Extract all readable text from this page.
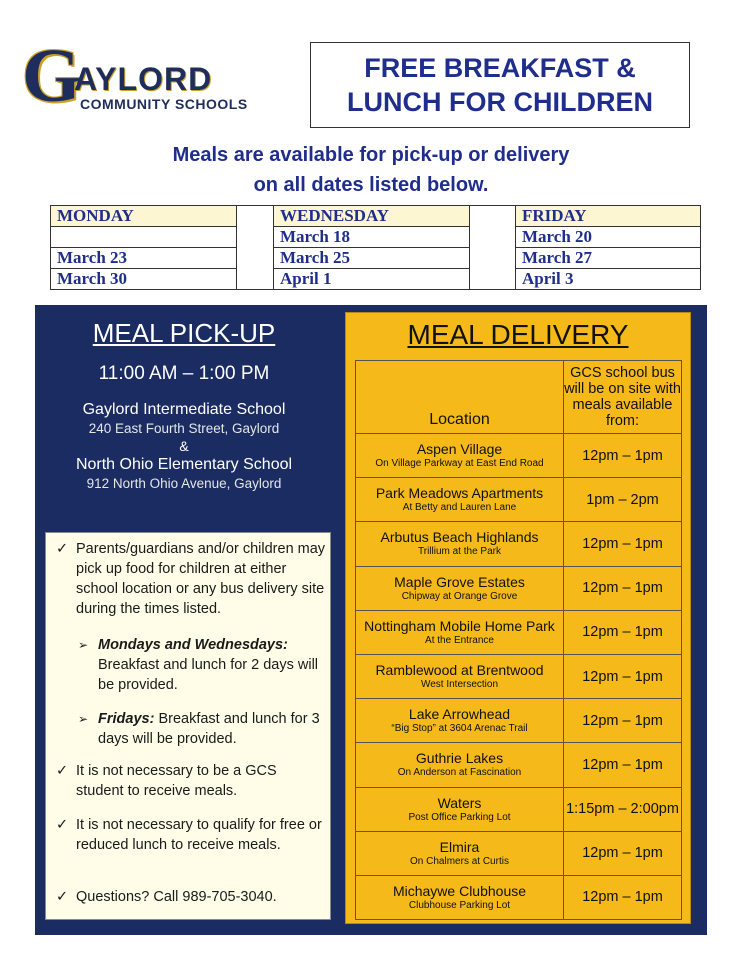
G
AYLORD
COMMUNITY SCHOOLS
FREE BREAKFAST &
LUNCH FOR CHILDREN
Meals are available for pick-up or delivery
on all dates listed below.
MONDAY		WEDNESDAY		FRIDAY
		March 18		March 20
March 23		March 25		March 27
March 30		April 1		April 3
MEAL PICK-UP
11:00 AM – 1:00 PM
Gaylord Intermediate School
240 East Fourth Street, Gaylord
&
North Ohio Elementary School
912 North Ohio Avenue, Gaylord
✓ Parents/guardians and/or children may pick up food for children at either school location or any bus delivery site during the times listed.
➢ Mondays and Wednesdays:
Breakfast and lunch for 2 days will be provided.
➢ Fridays: Breakfast and lunch for 3 days will be provided.
✓ It is not necessary to be a GCS student to receive meals.
✓ It is not necessary to qualify for free or reduced lunch to receive meals.
✓ Questions? Call 989-705-3040.
MEAL DELIVERY
Location	GCS school bus will be on site with meals available from:

Aspen Village
On Village Parkway at East End Road	12pm – 1pm

Park Meadows Apartments
At Betty and Lauren Lane	1pm – 2pm

Arbutus Beach Highlands
Trillium at the Park	12pm – 1pm

Maple Grove Estates
Chipway at Orange Grove	12pm – 1pm

Nottingham Mobile Home Park
At the Entrance	12pm – 1pm

Ramblewood at Brentwood
West Intersection	12pm – 1pm

Lake Arrowhead
“Big Stop” at 3604 Arenac Trail	12pm – 1pm

Guthrie Lakes
On Anderson at Fascination	12pm – 1pm

Waters
Post Office Parking Lot	1:15pm – 2:00pm

Elmira
On Chalmers at Curtis	12pm – 1pm

Michaywe Clubhouse
Clubhouse Parking Lot	12pm – 1pm
